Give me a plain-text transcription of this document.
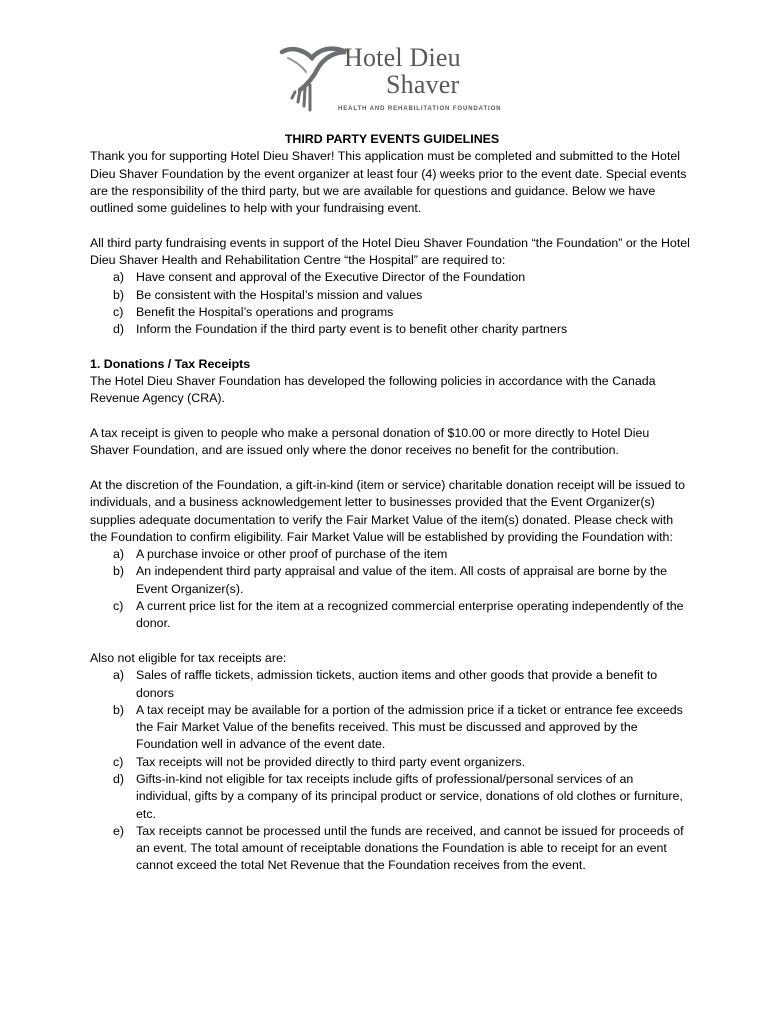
Hotel Dieu
Shaver
HEALTH AND REHABILITATION FOUNDATION

THIRD PARTY EVENTS GUIDELINES

Thank you for supporting Hotel Dieu Shaver! This application must be completed and submitted to the Hotel Dieu Shaver Foundation by the event organizer at least four (4) weeks prior to the event date. Special events are the responsibility of the third party, but we are available for questions and guidance. Below we have outlined some guidelines to help with your fundraising event.

All third party fundraising events in support of the Hotel Dieu Shaver Foundation “the Foundation” or the Hotel Dieu Shaver Health and Rehabilitation Centre “the Hospital” are required to:

a) Have consent and approval of the Executive Director of the Foundation
b) Be consistent with the Hospital’s mission and values
c) Benefit the Hospital’s operations and programs
d) Inform the Foundation if the third party event is to benefit other charity partners
1. Donations / Tax Receipts

The Hotel Dieu Shaver Foundation has developed the following policies in accordance with the Canada Revenue Agency (CRA).

A tax receipt is given to people who make a personal donation of $10.00 or more directly to Hotel Dieu Shaver Foundation, and are issued only where the donor receives no benefit for the contribution.

At the discretion of the Foundation, a gift-in-kind (item or service) charitable donation receipt will be issued to individuals, and a business acknowledgement letter to businesses provided that the Event Organizer(s) supplies adequate documentation to verify the Fair Market Value of the item(s) donated. Please check with the Foundation to confirm eligibility. Fair Market Value will be established by providing the Foundation with:

a) A purchase invoice or other proof of purchase of the item
b) An independent third party appraisal and value of the item. All costs of appraisal are borne by the Event Organizer(s).
c) A current price list for the item at a recognized commercial enterprise operating independently of the donor.

Also not eligible for tax receipts are:

a) Sales of raffle tickets, admission tickets, auction items and other goods that provide a benefit to donors
b) A tax receipt may be available for a portion of the admission price if a ticket or entrance fee exceeds the Fair Market Value of the benefits received. This must be discussed and approved by the Foundation well in advance of the event date.
c) Tax receipts will not be provided directly to third party event organizers.
d) Gifts-in-kind not eligible for tax receipts include gifts of professional/personal services of an individual, gifts by a company of its principal product or service, donations of old clothes or furniture, etc.
e) Tax receipts cannot be processed until the funds are received, and cannot be issued for proceeds of an event. The total amount of receiptable donations the Foundation is able to receipt for an event cannot exceed the total Net Revenue that the Foundation receives from the event.
